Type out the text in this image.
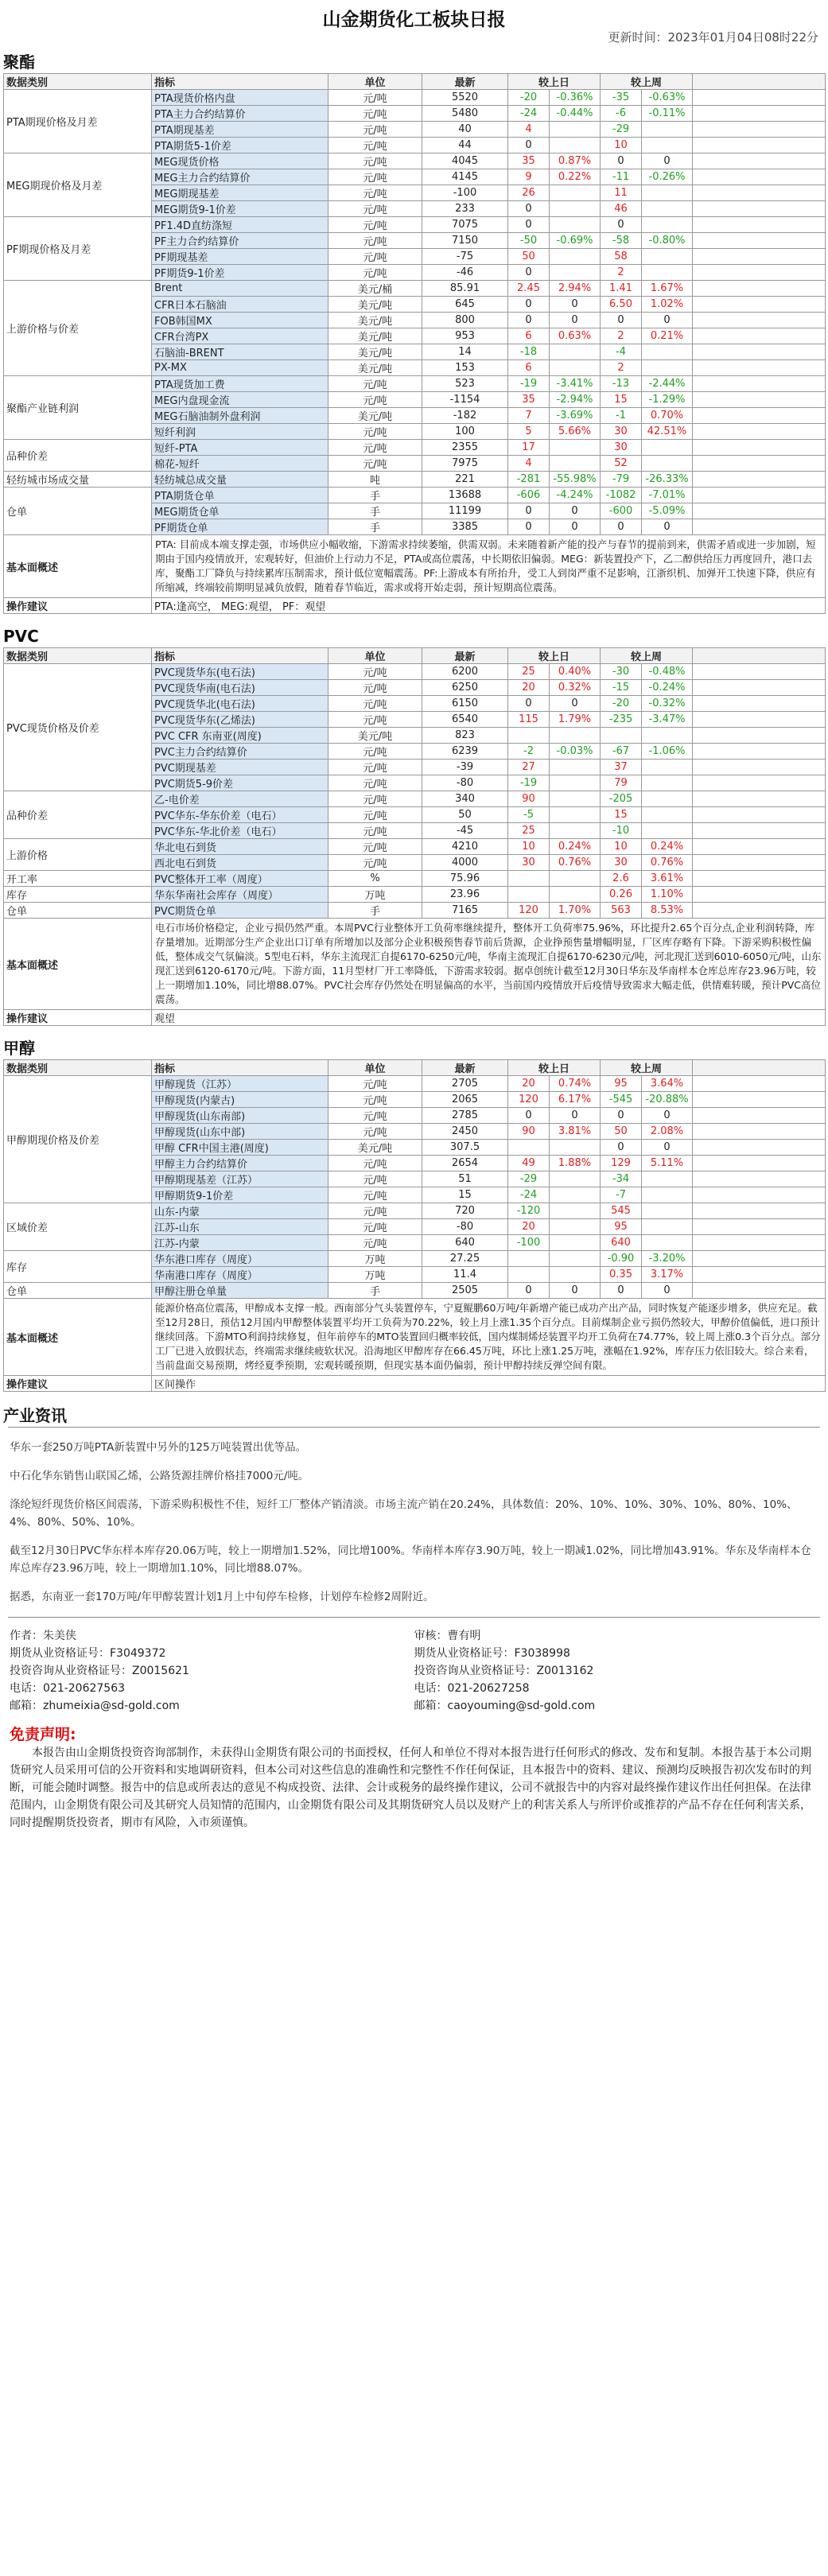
山金期货化工板块日报
更新时间：2023年01月04日08时22分
聚酯
数据类别	指标	单位	最新	较上日		较上周		
PTA期现价格及月差	PTA现货价格内盘	元/吨	5520	-20	-0.36%	-35	-0.63%	
	PTA主力合约结算价	元/吨	5480	-24	-0.44%	-6	-0.11%	
	PTA期现基差	元/吨	40	4		-29		
	PTA期货5-1价差	元/吨	44	0		10		
MEG期现价格及月差	MEG现货价格	元/吨	4045	35	0.87%	0	0	
	MEG主力合约结算价	元/吨	4145	9	0.22%	-11	-0.26%	
	MEG期现基差	元/吨	-100	26		11		
	MEG期货9-1价差	元/吨	233	0		46		
PF期现价格及月差	PF1.4D直纺涤短	元/吨	7075	0		0		
	PF主力合约结算价	元/吨	7150	-50	-0.69%	-58	-0.80%	
	PF期现基差	元/吨	-75	50		58		
	PF期货9-1价差	元/吨	-46	0		2		
上游价格与价差	Brent	美元/桶	85.91	2.45	2.94%	1.41	1.67%	
	CFR日本石脑油	美元/吨	645	0	0	6.50	1.02%	
	FOB韩国MX	美元/吨	800	0	0	0	0	
	CFR台湾PX	美元/吨	953	6	0.63%	2	0.21%	
	石脑油-BRENT	美元/吨	14	-18		-4		
	PX-MX	美元/吨	153	6		2		
聚酯产业链利润	PTA现货加工费	元/吨	523	-19	-3.41%	-13	-2.44%	
	MEG内盘现金流	元/吨	-1154	35	-2.94%	15	-1.29%	
	MEG石脑油制外盘利润	美元/吨	-182	7	-3.69%	-1	0.70%	
	短纤利润	元/吨	100	5	5.66%	30	42.51%	
品种价差	短纤-PTA	元/吨	2355	17		30		
	棉花-短纤	元/吨	7975	4		52		
轻纺城市场成交量	轻纺城总成交量	吨	221	-281	-55.98%	-79	-26.33%	
仓单	PTA期货仓单	手	13688	-606	-4.24%	-1082	-7.01%	
	MEG期货仓单	手	11199	0	0	-600	-5.09%	
	PF期货仓单	手	3385	0	0	0	0	
基本面概述	PTA: 目前成本端支撑走强，市场供应小幅收缩，下游需求持续萎缩，供需双弱。未来随着新产能的投产与春节的提前到来，供需矛盾或进一步加剧，短期由于国内疫情放开，宏观转好，但油价上行动力不足，PTA或高位震荡，中长期依旧偏弱。MEG：新装置投产下，乙二醇供给压力再度回升，港口去库，聚酯工厂降负与持续累库压制需求，预计低位宽幅震荡。PF:上游成本有所抬升，受工人到岗严重不足影响，江浙织机、加弹开工快速下降，供应有所缩减，终端较前期明显减负放假，随着春节临近，需求或将开始走弱，预计短期高位震荡。							
操作建议	PTA:逢高空， MEG:观望， PF：观望							
PVC
数据类别	指标	单位	最新	较上日		较上周		
PVC现货价格及价差	PVC现货华东(电石法)	元/吨	6200	25	0.40%	-30	-0.48%	
	PVC现货华南(电石法)	元/吨	6250	20	0.32%	-15	-0.24%	
	PVC现货华北(电石法)	元/吨	6150	0	0	-20	-0.32%	
	PVC现货华东(乙烯法)	元/吨	6540	115	1.79%	-235	-3.47%	
	PVC CFR 东南亚(周度)	美元/吨	823					
	PVC主力合约结算价	元/吨	6239	-2	-0.03%	-67	-1.06%	
	PVC期现基差	元/吨	-39	27		37		
	PVC期货5-9价差	元/吨	-80	-19		79		
品种价差	乙-电价差	元/吨	340	90		-205		
	PVC华东-华东价差（电石）	元/吨	50	-5		15		
	PVC华东-华北价差（电石）	元/吨	-45	25		-10		
上游价格	华北电石到货	元/吨	4210	10	0.24%	10	0.24%	
	西北电石到货	元/吨	4000	30	0.76%	30	0.76%	
开工率	PVC整体开工率（周度）	%	75.96			2.6	3.61%	
库存	华东华南社会库存（周度）	万吨	23.96			0.26	1.10%	
仓单	PVC期货仓单	手	7165	120	1.70%	563	8.53%	
基本面概述	电石市场价格稳定，企业亏损仍然严重。本周PVC行业整体开工负荷率继续提升，整体开工负荷率75.96%，环比提升2.65个百分点,企业利润转降，库存量增加。近期部分生产企业出口订单有所增加以及部分企业积极预售春节前后货源，企业挣预售量增幅明显，厂区库存略有下降。下游采购积极性偏低，整体成交气氛偏淡。5型电石料，华东主流现汇自提6170-6250元/吨，华南主流现汇自提6170-6230元/吨，河北现汇送到6010-6050元/吨，山东现汇送到6120-6170元/吨。下游方面，11月型材厂开工率降低，下游需求较弱。据卓创统计截至12月30日华东及华南样本仓库总库存23.96万吨，较上一期增加1.10%，同比增88.07%。PVC社会库存仍然处在明显偏高的水平，当前国内疫情放开后疫情导致需求大幅走低，供情难转暖，预计PVC高位震荡。							
操作建议	观望							
甲醇
数据类别	指标	单位	最新	较上日		较上周		
甲醇期现价格及价差	甲醇现货（江苏）	元/吨	2705	20	0.74%	95	3.64%	
	甲醇现货(内蒙古)	元/吨	2065	120	6.17%	-545	-20.88%	
	甲醇现货(山东南部)	元/吨	2785	0	0	0	0	
	甲醇现货(山东中部)	元/吨	2450	90	3.81%	50	2.08%	
	甲醇 CFR中国主港(周度)	美元/吨	307.5			0	0	
	甲醇主力合约结算价	元/吨	2654	49	1.88%	129	5.11%	
	甲醇期现基差（江苏）	元/吨	51	-29		-34		
	甲醇期货9-1价差	元/吨	15	-24		-7		
区域价差	山东-内蒙	元/吨	720	-120		545		
	江苏-山东	元/吨	-80	20		95		
	江苏-内蒙	元/吨	640	-100		640		
库存	华东港口库存（周度）	万吨	27.25			-0.90	-3.20%	
	华南港口库存（周度）	万吨	11.4			0.35	3.17%	
仓单	甲醇注册仓单量	手	2505	0	0	0	0	
基本面概述	能源价格高位震荡，甲醇成本支撑一般。西南部分气头装置停车，宁夏鲲鹏60万吨/年新增产能已成功产出产品，同时恢复产能逐步增多，供应充足。截至12月28日，预估12月国内甲醇整体装置平均开工负荷为70.22%，较上月上涨1.35个百分点。目前煤制企业亏损仍然较大，甲醇价值偏低，进口预计继续回落。下游MTO利润持续修复，但年前停车的MTO装置回归概率较低，国内煤制烯烃装置平均开工负荷在74.77%，较上周上涨0.3个百分点。部分工厂已进入放假状态，终端需求继续疲软状况。沿海地区甲醇库存在66.45万吨，环比上涨1.25万吨，涨幅在1.92%，库存压力依旧较大。综合来看，当前盘面交易预期，烤经夏季预期，宏观转暖预期，但现实基本面仍偏弱，预计甲醇持续反弹空间有限。							
操作建议	区间操作							
产业资讯

华东一套250万吨PTA新装置中另外的125万吨装置出优等品。

中石化华东销售山联国乙烯，公路货源挂牌价格挂7000元/吨。

涤纶短纤现货价格区间震荡，下游采购积极性不佳，短纤工厂整体产销清淡。市场主流产销在20.24%，具体数值：20%、10%、10%、30%、10%、80%、10%、4%、80%、50%、10%。

截至12月30日PVC华东样本库存20.06万吨，较上一期增加1.52%，同比增100%。华南样本库存3.90万吨，较上一期减1.02%，同比增加43.91%。华东及华南样本仓库总库存23.96万吨，较上一期增加1.10%，同比增88.07%。

据悉，东南亚一套170万吨/年甲醇装置计划1月上中旬停车检修，计划停车检修2周附近。

作者：朱美侠
期货从业资格证号：F3049372
投资咨询从业资格证号：Z0015621
电话：021-20627563
邮箱：zhumeixia@sd-gold.com
审核：曹有明
期货从业资格证号：F3038998
投资咨询从业资格证号：Z0013162
电话：021-20627258
邮箱：caoyouming@sd-gold.com
免责声明:
本报告由山金期货投资咨询部制作，未获得山金期货有限公司的书面授权，任何人和单位不得对本报告进行任何形式的修改、发布和复制。本报告基于本公司期货研究人员采用可信的公开资料和实地调研资料，但本公司对这些信息的准确性和完整性不作任何保证，且本报告中的资料、建议、预测均反映报告初次发布时的判断，可能会随时调整。报告中的信息或所表达的意见不构成投资、法律、会计或税务的最终操作建议，公司不就报告中的内容对最终操作建议作出任何担保。在法律范围内，山金期货有限公司及其研究人员知情的范围内，山金期货有限公司及其期货研究人员以及财产上的利害关系人与所评价或推荐的产品不存在任何利害关系，同时提醒期货投资者，期市有风险，入市须谨慎。
